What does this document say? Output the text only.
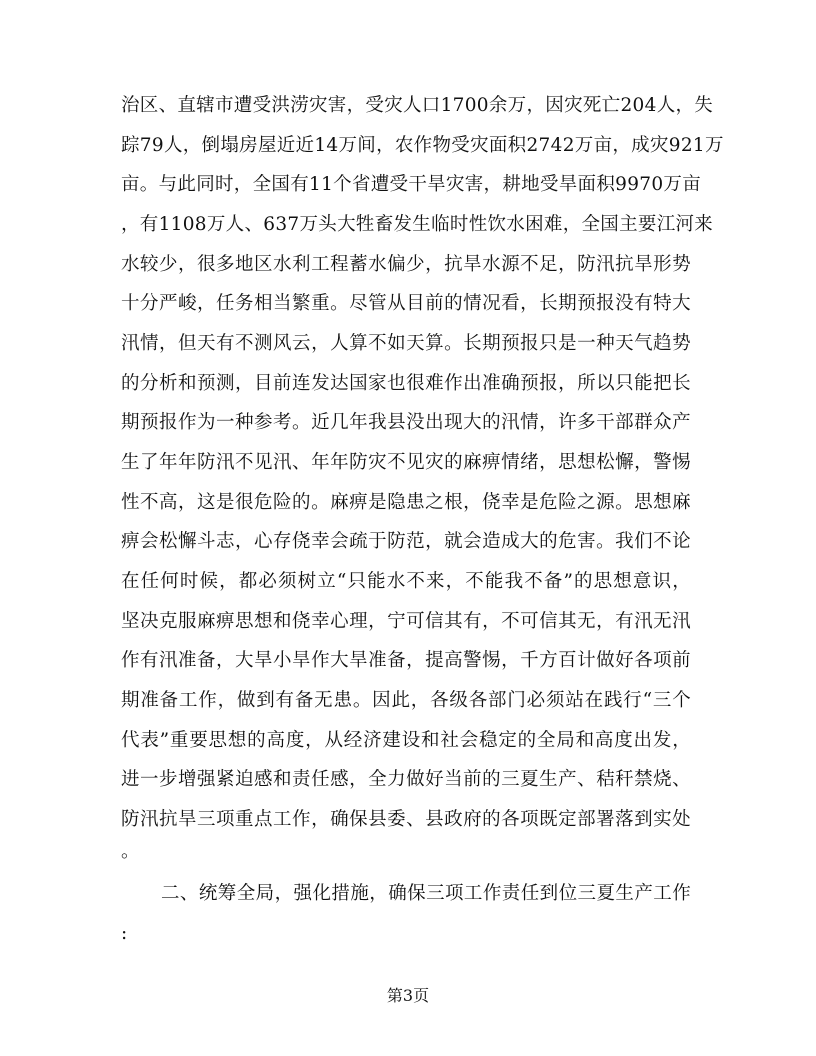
治区、直辖市遭受洪涝灾害，受灾人口1700余万，因灾死亡204人，失
踪79人，倒塌房屋近近14万间，农作物受灾面积2742万亩，成灾921万
亩。与此同时，全国有11个省遭受干旱灾害，耕地受旱面积9970万亩
，有1108万人、637万头大牲畜发生临时性饮水困难，全国主要江河来
水较少，很多地区水利工程蓄水偏少，抗旱水源不足，防汛抗旱形势
十分严峻，任务相当繁重。尽管从目前的情况看，长期预报没有特大
汛情，但天有不测风云，人算不如天算。长期预报只是一种天气趋势
的分析和预测，目前连发达国家也很难作出准确预报，所以只能把长
期预报作为一种参考。近几年我县没出现大的汛情，许多干部群众产
生了年年防汛不见汛、年年防灾不见灾的麻痹情绪，思想松懈，警惕
性不高，这是很危险的。麻痹是隐患之根，侥幸是危险之源。思想麻
痹会松懈斗志，心存侥幸会疏于防范，就会造成大的危害。我们不论
在任何时候，都必须树立“只能水不来，不能我不备”的思想意识，
坚决克服麻痹思想和侥幸心理，宁可信其有，不可信其无，有汛无汛
作有汛准备，大旱小旱作大旱准备，提高警惕，千方百计做好各项前
期准备工作，做到有备无患。因此，各级各部门必须站在践行“三个
代表”重要思想的高度，从经济建设和社会稳定的全局和高度出发，
进一步增强紧迫感和责任感，全力做好当前的三夏生产、秸秆禁烧、
防汛抗旱三项重点工作，确保县委、县政府的各项既定部署落到实处
。
二、统筹全局，强化措施，确保三项工作责任到位三夏生产工作
:
第3页
